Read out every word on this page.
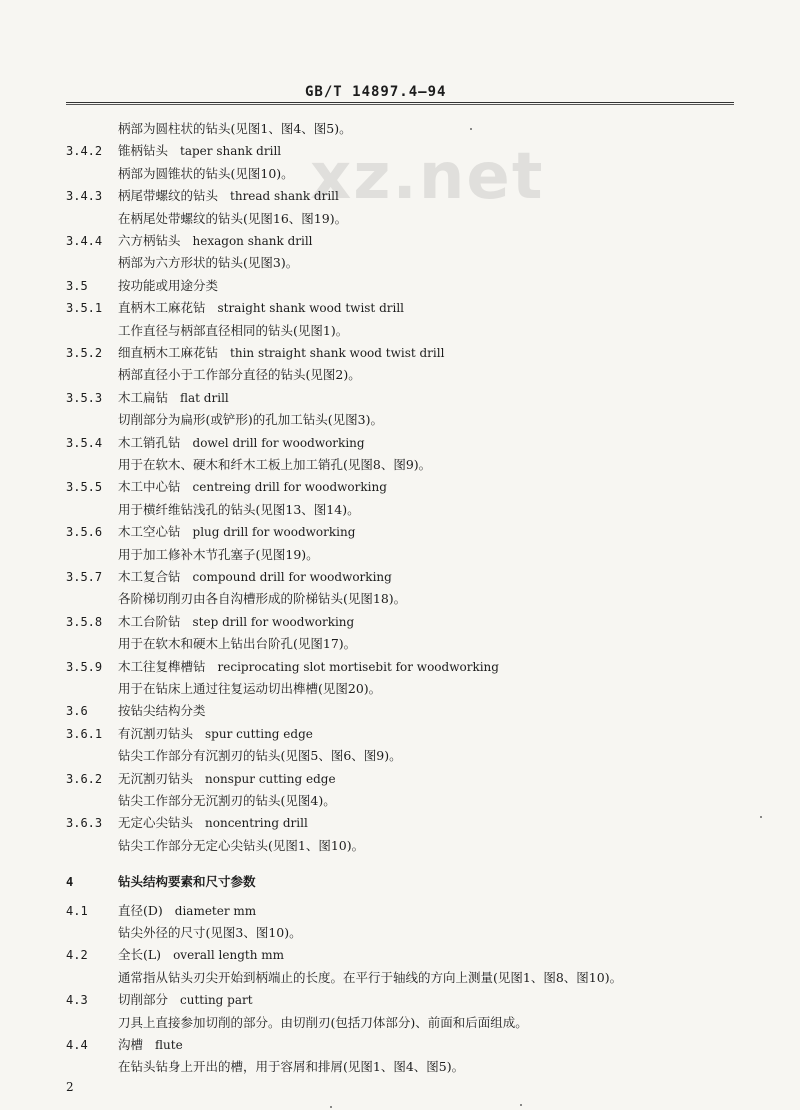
GB/T 14897.4—94
xz.net
柄部为圆柱状的钻头(见图1、图4、图5)。
3.4.2 锥柄钻头 taper shank drill
柄部为圆锥状的钻头(见图10)。
3.4.3 柄尾带螺纹的钻头 thread shank drill
在柄尾处带螺纹的钻头(见图16、图19)。
3.4.4 六方柄钻头 hexagon shank drill
柄部为六方形状的钻头(见图3)。
3.5 按功能或用途分类
3.5.1 直柄木工麻花钻 straight shank wood twist drill
工作直径与柄部直径相同的钻头(见图1)。
3.5.2 细直柄木工麻花钻 thin straight shank wood twist drill
柄部直径小于工作部分直径的钻头(见图2)。
3.5.3 木工扁钻 flat drill
切削部分为扁形(或铲形)的孔加工钻头(见图3)。
3.5.4 木工销孔钻 dowel drill for woodworking
用于在软木、硬木和纤木工板上加工销孔(见图8、图9)。
3.5.5 木工中心钻 centreing drill for woodworking
用于横纤维钻浅孔的钻头(见图13、图14)。
3.5.6 木工空心钻 plug drill for woodworking
用于加工修补木节孔塞子(见图19)。
3.5.7 木工复合钻 compound drill for woodworking
各阶梯切削刃由各自沟槽形成的阶梯钻头(见图18)。
3.5.8 木工台阶钻 step drill for woodworking
用于在软木和硬木上钻出台阶孔(见图17)。
3.5.9 木工往复榫槽钻 reciprocating slot mortisebit for woodworking
用于在钻床上通过往复运动切出榫槽(见图20)。
3.6 按钻尖结构分类
3.6.1 有沉割刃钻头 spur cutting edge
钻尖工作部分有沉割刃的钻头(见图5、图6、图9)。
3.6.2 无沉割刃钻头 nonspur cutting edge
钻尖工作部分无沉割刃的钻头(见图4)。
3.6.3 无定心尖钻头 noncentring drill
钻尖工作部分无定心尖钻头(见图1、图10)。
4	钻头结构要素和尺寸参数
4.1 直径(D) diameter mm
钻尖外径的尺寸(见图3、图10)。
4.2 全长(L) overall length mm
通常指从钻头刃尖开始到柄端止的长度。在平行于轴线的方向上测量(见图1、图8、图10)。
4.3 切削部分 cutting part
刀具上直接参加切削的部分。由切削刃(包括刀体部分)、前面和后面组成。
4.4 沟槽 flute
在钻头钻身上开出的槽，用于容屑和排屑(见图1、图4、图5)。
2
